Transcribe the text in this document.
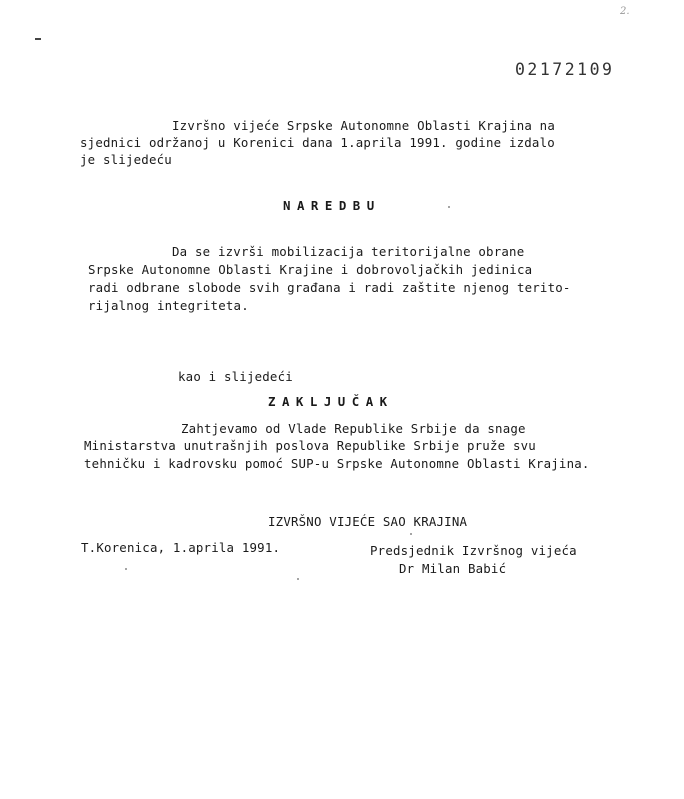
2.
02172109
Izvršno vijeće Srpske Autonomne Oblasti Krajina na
sjednici održanoj u Korenici dana 1.aprila 1991. godine izdalo
je slijedeću
NAREDBU
Da se izvrši mobilizacija teritorijalne obrane
Srpske Autonomne Oblasti Krajine i dobrovoljačkih jedinica
radi odbrane slobode svih građana i radi zaštite njenog terito-
rijalnog integriteta.
kao i slijedeći
ZAKLJUČAK
Zahtjevamo od Vlade Republike Srbije da snage
Ministarstva unutrašnjih poslova Republike Srbije pruže svu
tehničku i kadrovsku pomoć SUP-u Srpske Autonomne Oblasti Krajina.
IZVRŠNO VIJEĆE SAO KRAJINA
T.Korenica, 1.aprila 1991.	Predsjednik Izvršnog vijeća
Dr Milan Babić
